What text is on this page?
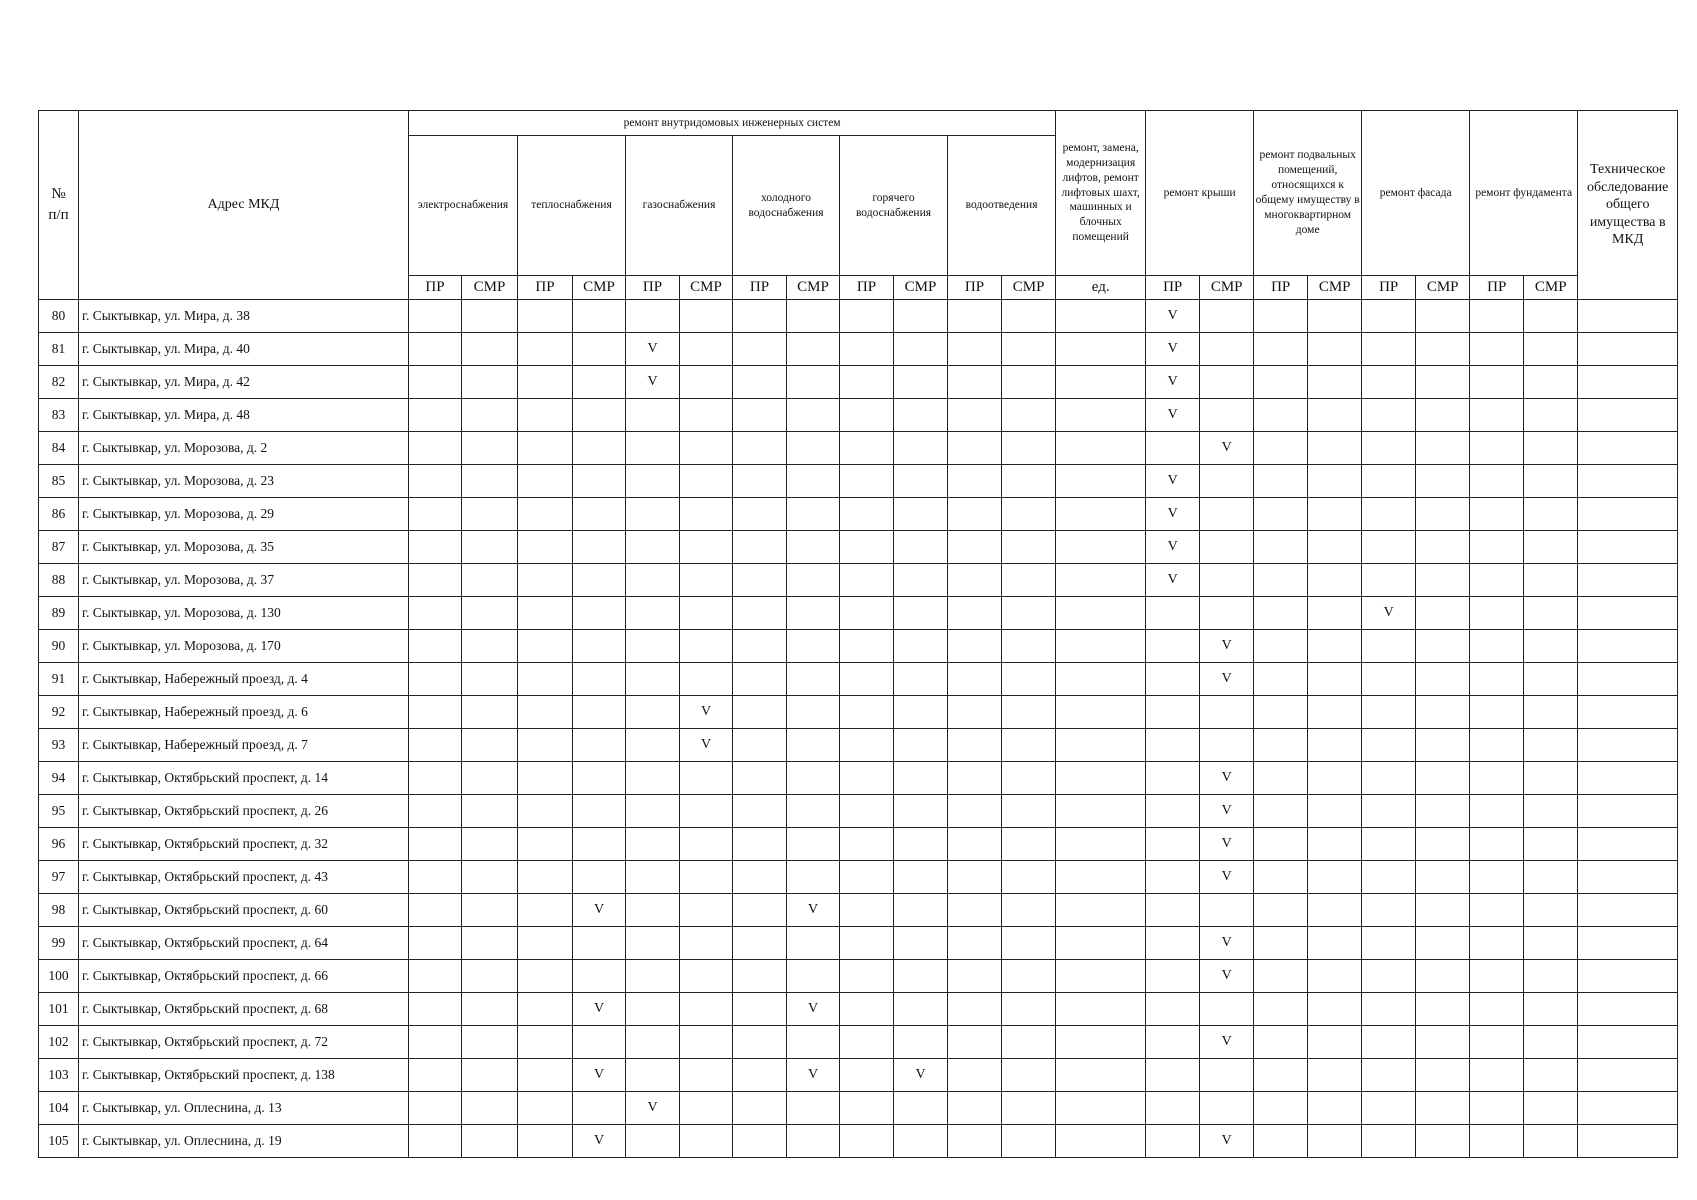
№
п/п	Адрес МКД	ремонт внутридомовых инженерных систем												ремонт, замена, модернизация лифтов, ремонт лифтовых шахт, машинных и блочных помещений	ремонт крыши		ремонт подвальных помещений, относящихся к общему имуществу в многоквартирном доме		ремонт фасада		ремонт фундамента		Техническое обследование общего имущества в МКД
		электроснабжения		теплоснабжения		газоснабжения		холодного водоснабжения		горячего водоснабжения		водоотведения											
		ПР	СМР	ПР	СМР	ПР	СМР	ПР	СМР	ПР	СМР	ПР	СМР	ед.	ПР	СМР	ПР	СМР	ПР	СМР	ПР	СМР	
80	г. Сыктывкар, ул. Мира, д. 38														V								
81	г. Сыктывкар, ул. Мира, д. 40					V									V								
82	г. Сыктывкар, ул. Мира, д. 42					V									V								
83	г. Сыктывкар, ул. Мира, д. 48														V								
84	г. Сыктывкар, ул. Морозова, д. 2															V							
85	г. Сыктывкар, ул. Морозова, д. 23														V								
86	г. Сыктывкар, ул. Морозова, д. 29														V								
87	г. Сыктывкар, ул. Морозова, д. 35														V								
88	г. Сыктывкар, ул. Морозова, д. 37														V								
89	г. Сыктывкар, ул. Морозова, д. 130																		V				
90	г. Сыктывкар, ул. Морозова, д. 170															V							
91	г. Сыктывкар, Набережный проезд, д. 4															V							
92	г. Сыктывкар, Набережный проезд, д. 6						V																
93	г. Сыктывкар, Набережный проезд, д. 7						V																
94	г. Сыктывкар, Октябрьский проспект, д. 14															V							
95	г. Сыктывкар, Октябрьский проспект, д. 26															V							
96	г. Сыктывкар, Октябрьский проспект, д. 32															V							
97	г. Сыктывкар, Октябрьский проспект, д. 43															V							
98	г. Сыктывкар, Октябрьский проспект, д. 60				V				V														
99	г. Сыктывкар, Октябрьский проспект, д. 64															V							
100	г. Сыктывкар, Октябрьский проспект, д. 66															V							
101	г. Сыктывкар, Октябрьский проспект, д. 68				V				V														
102	г. Сыктывкар, Октябрьский проспект, д. 72															V							
103	г. Сыктывкар, Октябрьский проспект, д. 138				V				V		V												
104	г. Сыктывкар, ул. Оплеснина, д. 13					V																	
105	г. Сыктывкар, ул. Оплеснина, д. 19				V											V							
